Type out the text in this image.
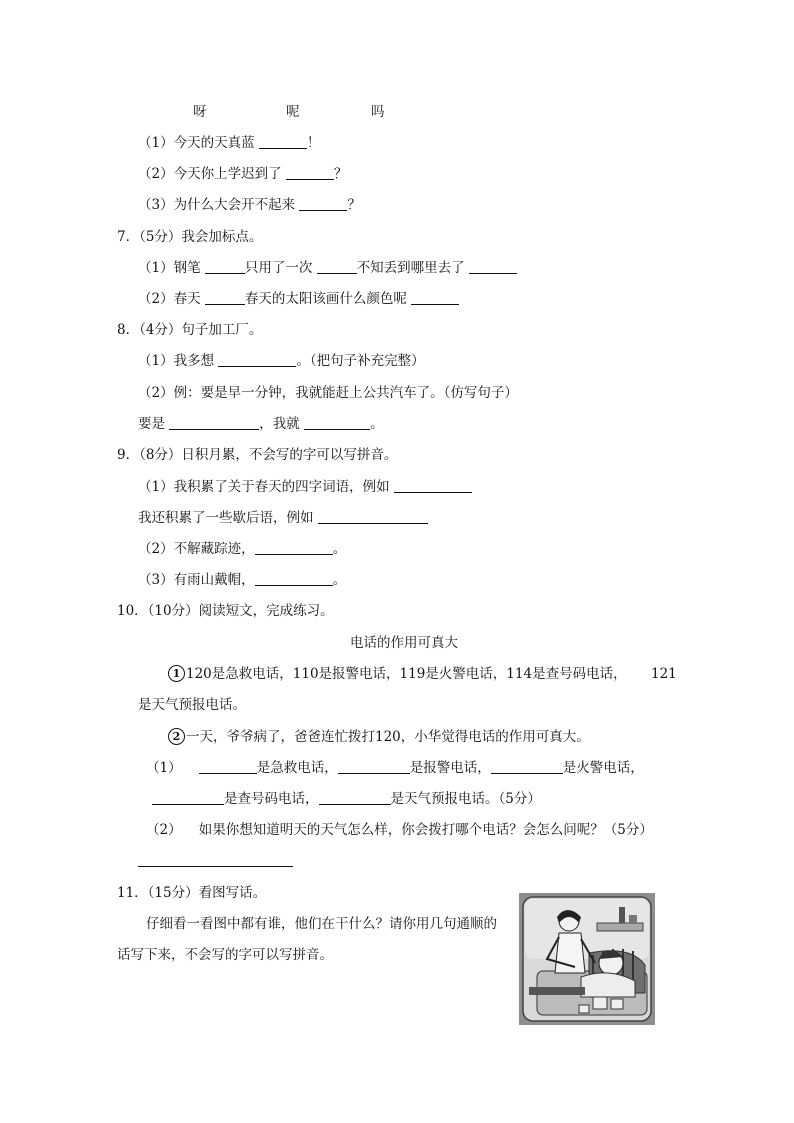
呀	呢	吗
（1）今天的天真蓝	！
（2）今天你上学迟到了	？
（3）为什么大会开不起来	？
7．（5分）我会加标点。
（1）钢笔	只用了一次	不知丢到哪里去了
（2）春天	春天的太阳该画什么颜色呢
8．（4分）句子加工厂。
（1）我多想	。（把句子补充完整）
（2）例：要是早一分钟，我就能赶上公共汽车了。（仿写句子）
要是	，我就	。
9．（8分）日积月累，不会写的字可以写拼音。
（1）我积累了关于春天的四字词语，例如
我还积累了一些歇后语，例如
（2）不解藏踪迹，	。
（3）有雨山戴帽，	。
10．（10分）阅读短文，完成练习。
电话的作用可真大
1 120是急救电话，110是报警电话，119是火警电话，114是查号码电话， 121
是天气预报电话。
2 一天，爷爷病了，爸爸连忙拨打120，小华觉得电话的作用可真大。
（1）	是急救电话，	是报警电话，	是火警电话，
是查号码电话，	是天气预报电话。（5分）
（2） 如果你想知道明天的天气怎么样，你会拨打哪个电话？会怎么问呢？（5分）
11．（15分）看图写话。
仔细看一看图中都有谁，他们在干什么？请你用几句通顺的
话写下来，不会写的字可以写拼音。
